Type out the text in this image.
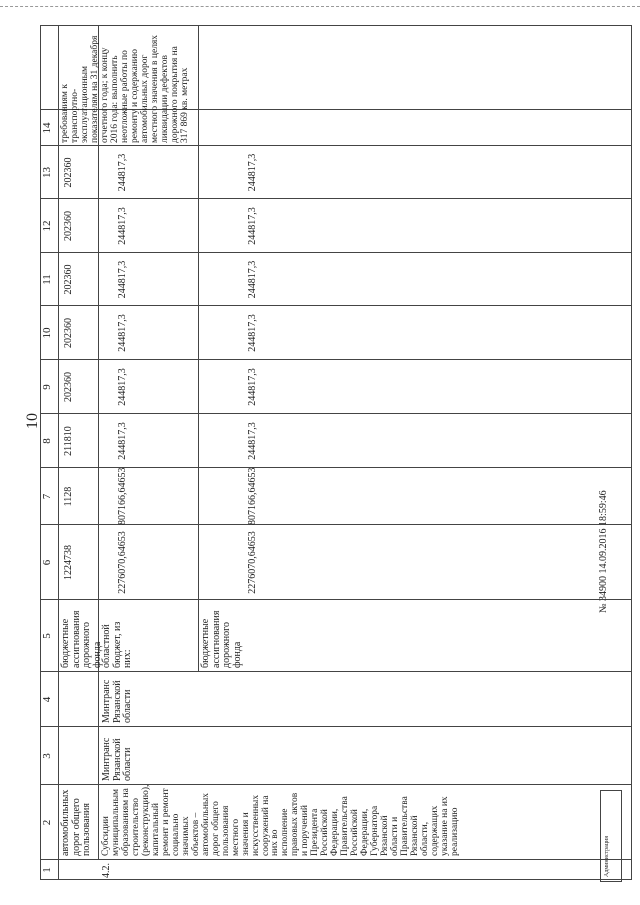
10
№ 34900 14.09.2016 18:59:46
Администрация
1
2
3
4
5
6
7
8
9
10
11
12
13
14
автомобильных дорог общего пользования
бюджетные ассигнования дорожного фонда
1224738
1128
211810
202360
202360
202360
202360
202360
требованиям к транспортно-эксплуатационным показателям на 31 декабря отчетного года; к концу 2016 года: выполнить неотложные работы по ремонту и содержанию автомобильных дорог местного значения в целях ликвидации дефектов дорожного покрытия на 317 869 кв. метрах
4.2.
Субсидии муниципальным образованиям на строительство (реконструкцию), капитальный ремонт и ремонт социально значимых объектов – автомобильных дорог общего пользования местного значения и искусственных сооружений на них во исполнение правовых актов и поручений Президента Российской Федерации, Правительства Российской Федерации, Губернатора Рязанской области и Правительства Рязанской области, содержащих указание на их реализацию
Минтранс Рязанской области
Минтранс Рязанской области
областной бюджет, из них:	бюджетные ассигнования дорожного фонда
2276070,64653
807166,64653
244817,3
244817,3
244817,3
244817,3
244817,3
244817,3
2276070,64653
807166,64653
244817,3
244817,3
244817,3
244817,3
244817,3
244817,3
